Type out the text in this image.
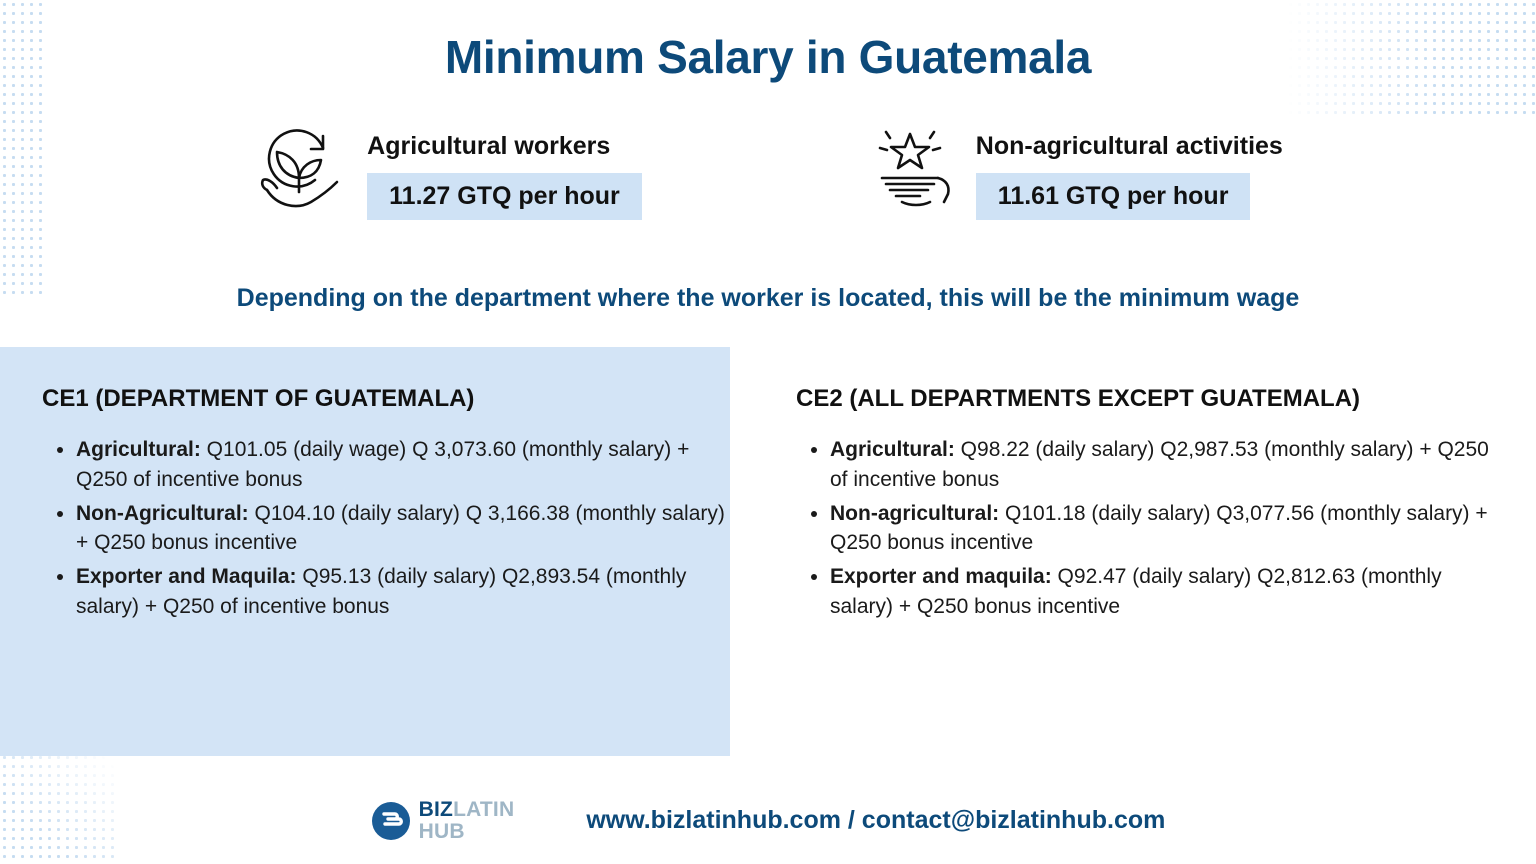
Minimum Salary in Guatemala
Agricultural workers
11.27 GTQ per hour
Non-agricultural activities
11.61 GTQ per hour
Depending on the department where the worker is located, this will be the minimum wage
CE1 (DEPARTMENT OF GUATEMALA)
• Agricultural: Q101.05 (daily wage) Q 3,073.60 (monthly salary) + Q250 of incentive bonus
• Non-Agricultural: Q104.10 (daily salary) Q 3,166.38 (monthly salary) + Q250 bonus incentive
• Exporter and Maquila: Q95.13 (daily salary) Q2,893.54 (monthly salary) + Q250 of incentive bonus
CE2 (ALL DEPARTMENTS EXCEPT GUATEMALA)
• Agricultural: Q98.22 (daily salary) Q2,987.53 (monthly salary) + Q250 of incentive bonus
• Non-agricultural: Q101.18 (daily salary) Q3,077.56 (monthly salary) + Q250 bonus incentive
• Exporter and maquila: Q92.47 (daily salary) Q2,812.63 (monthly salary) + Q250 bonus incentive
BIZLATIN
HUB	www.bizlatinhub.com / contact@bizlatinhub.com
